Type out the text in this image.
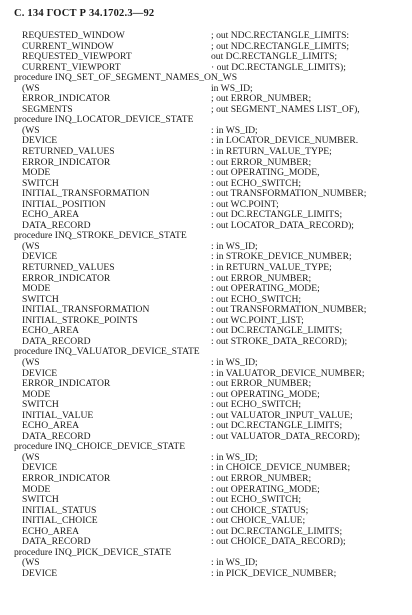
С. 134 ГОСТ Р 34.1702.3—92
REQUESTED_WINDOW	; out NDC.RECTANGLE_LIMITS:
CURRENT_WINDOW	; out NDC.RECTANGLE_LIMITS;
REQUESTED_VIEWPORT	out DC.RECTANGLE_LIMITS;
CURRENT_VIEWPORT	· out DC.RECTANGLE_LIMITS);
procedure INQ_SET_OF_SEGMENT_NAMES_ON_WS
(WS	in WS_ID;
ERROR_INDICATOR	; out ERROR_NUMBER;
SEGMENTS	; out SEGMENT_NAMES LIST_OF),
procedure INQ_LOCATOR_DEVICE_STATE
(WS	: in WS_ID;
DEVICE	: in LOCATOR_DEVICE_NUMBER.
RETURNED_VALUES	: in RETURN_VALUE_TYPE;
ERROR_INDICATOR	: out ERROR_NUMBER;
MODE	: out OPERATING_MODE,
SWITCH	: out ECHO_SWITCH;
INITIAL_TRANSFORMATION	: out TRANSFORMATION_NUMBER;
INITIAL_POSITION	: out WC.POINT;
ECHO_AREA	: out DC.RECTANGLE_LIMITS;
DATA_RECORD	: out LOCATOR_DATA_RECORD);
procedure INQ_STROKE_DEVICE_STATE
(WS	: in WS_ID;
DEVICE	: in STROKE_DEVICE_NUMBER;
RETURNED_VALUES	: in RETURN_VALUE_TYPE;
ERROR_INDICATOR	: out ERROR_NUMBER;
MODE	: out OPERATING_MODE;
SWITCH	: out ECHO_SWITCH;
INITIAL_TRANSFORMATION	: out TRANSFORMATION_NUMBER;
INITIAL_STROKE_POINTS	: out WC.POINT_LIST;
ECHO_AREA	: out DC.RECTANGLE_LIMITS;
DATA_RECORD	: out STROKE_DATA_RECORD);
procedure INQ_VALUATOR_DEVICE_STATE
(WS	: in WS_ID;
DEVICE	: in VALUATOR_DEVICE_NUMBER;
ERROR_INDICATOR	: out ERROR_NUMBER;
MODE	: out OPERATING_MODE;
SWITCH	: out ECHO_SWITCH;
INITIAL_VALUE	: out VALUATOR_INPUT_VALUE;
ECHO_AREA	: out DC.RECTANGLE_LIMITS;
DATA_RECORD	: out VALUATOR_DATA_RECORD);
procedure INQ_CHOICE_DEVICE_STATE
(WS	: in WS_ID;
DEVICE	: in CHOICE_DEVICE_NUMBER;
ERROR_INDICATOR	: out ERROR_NUMBER;
MODE	: out OPERATING_MODE;
SWITCH	: out ECHO_SWITCH;
INITIAL_STATUS	: out CHOICE_STATUS;
INITIAL_CHOICE	: out CHOICE_VALUE;
ECHO_AREA	: out DC.RECTANGLE_LIMITS;
DATA_RECORD	: out CHOICE_DATA_RECORD);
procedure INQ_PICK_DEVICE_STATE
(WS	: in WS_ID;
DEVICE	: in PICK_DEVICE_NUMBER;
